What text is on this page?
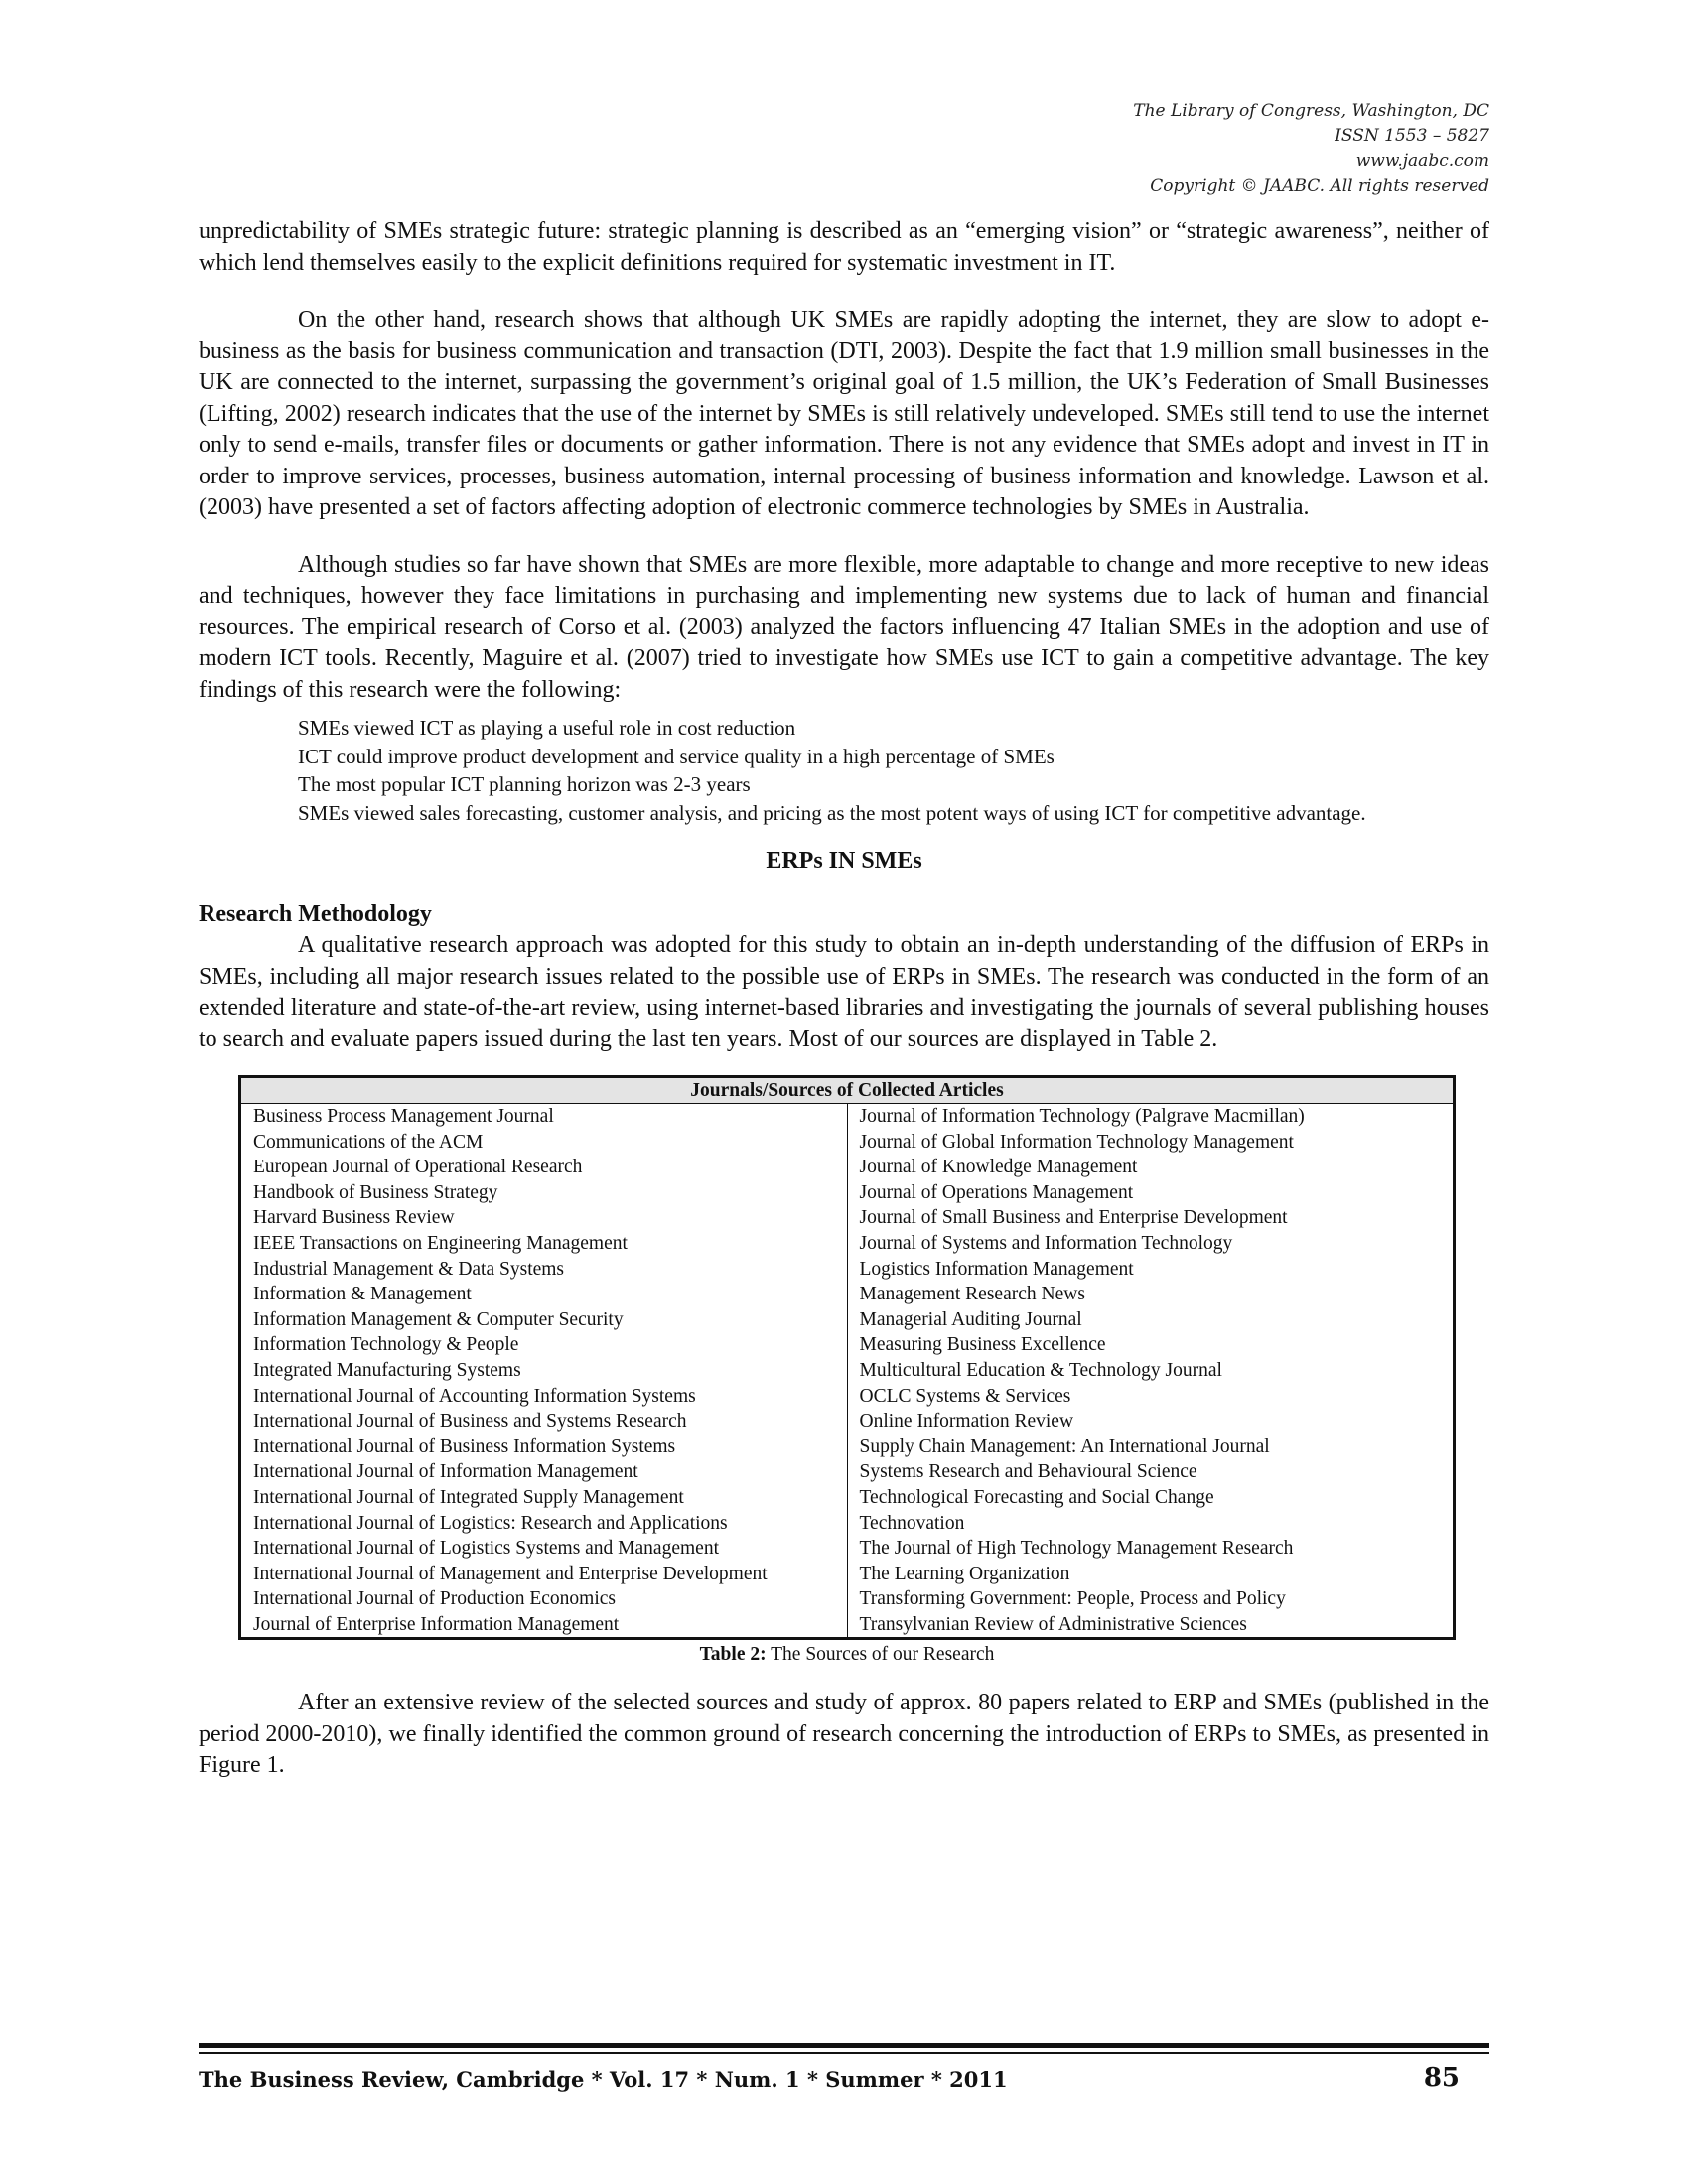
The Library of Congress, Washington, DC
ISSN 1553 – 5827
www.jaabc.com
Copyright © JAABC. All rights reserved

unpredictability of SMEs strategic future: strategic planning is described as an “emerging vision” or “strategic awareness”, neither of which lend themselves easily to the explicit definitions required for systematic investment in IT.

On the other hand, research shows that although UK SMEs are rapidly adopting the internet, they are slow to adopt e-business as the basis for business communication and transaction (DTI, 2003). Despite the fact that 1.9 million small businesses in the UK are connected to the internet, surpassing the government’s original goal of 1.5 million, the UK’s Federation of Small Businesses (Lifting, 2002) research indicates that the use of the internet by SMEs is still relatively undeveloped. SMEs still tend to use the internet only to send e-mails, transfer files or documents or gather information. There is not any evidence that SMEs adopt and invest in IT in order to improve services, processes, business automation, internal processing of business information and knowledge. Lawson et al. (2003) have presented a set of factors affecting adoption of electronic commerce technologies by SMEs in Australia.

Although studies so far have shown that SMEs are more flexible, more adaptable to change and more receptive to new ideas and techniques, however they face limitations in purchasing and implementing new systems due to lack of human and financial resources. The empirical research of Corso et al. (2003) analyzed the factors influencing 47 Italian SMEs in the adoption and use of modern ICT tools. Recently, Maguire et al. (2007) tried to investigate how SMEs use ICT to gain a competitive advantage. The key findings of this research were the following:

SMEs viewed ICT as playing a useful role in cost reduction
ICT could improve product development and service quality in a high percentage of SMEs
The most popular ICT planning horizon was 2-3 years
SMEs viewed sales forecasting, customer analysis, and pricing as the most potent ways of using ICT for competitive advantage.
ERPs IN SMEs
Research Methodology

A qualitative research approach was adopted for this study to obtain an in-depth understanding of the diffusion of ERPs in SMEs, including all major research issues related to the possible use of ERPs in SMEs. The research was conducted in the form of an extended literature and state-of-the-art review, using internet-based libraries and investigating the journals of several publishing houses to search and evaluate papers issued during the last ten years. Most of our sources are displayed in Table 2.

Journals/Sources of Collected Articles	
Business Process Management Journal	Journal of Information Technology (Palgrave Macmillan)
Communications of the ACM	Journal of Global Information Technology Management
European Journal of Operational Research	Journal of Knowledge Management
Handbook of Business Strategy	Journal of Operations Management
Harvard Business Review	Journal of Small Business and Enterprise Development
IEEE Transactions on Engineering Management	Journal of Systems and Information Technology
Industrial Management & Data Systems	Logistics Information Management
Information & Management	Management Research News
Information Management & Computer Security	Managerial Auditing Journal
Information Technology & People	Measuring Business Excellence
Integrated Manufacturing Systems	Multicultural Education & Technology Journal
International Journal of Accounting Information Systems	OCLC Systems & Services
International Journal of Business and Systems Research	Online Information Review
International Journal of Business Information Systems	Supply Chain Management: An International Journal
International Journal of Information Management	Systems Research and Behavioural Science
International Journal of Integrated Supply Management	Technological Forecasting and Social Change
International Journal of Logistics: Research and Applications	Technovation
International Journal of Logistics Systems and Management	The Journal of High Technology Management Research
International Journal of Management and Enterprise Development	The Learning Organization
International Journal of Production Economics	Transforming Government: People, Process and Policy
Journal of Enterprise Information Management	Transylvanian Review of Administrative Sciences
Table 2: The Sources of our Research

After an extensive review of the selected sources and study of approx. 80 papers related to ERP and SMEs (published in the period 2000-2010), we finally identified the common ground of research concerning the introduction of ERPs to SMEs, as presented in Figure 1.

The Business Review, Cambridge * Vol. 17 * Num. 1 * Summer * 2011	85
